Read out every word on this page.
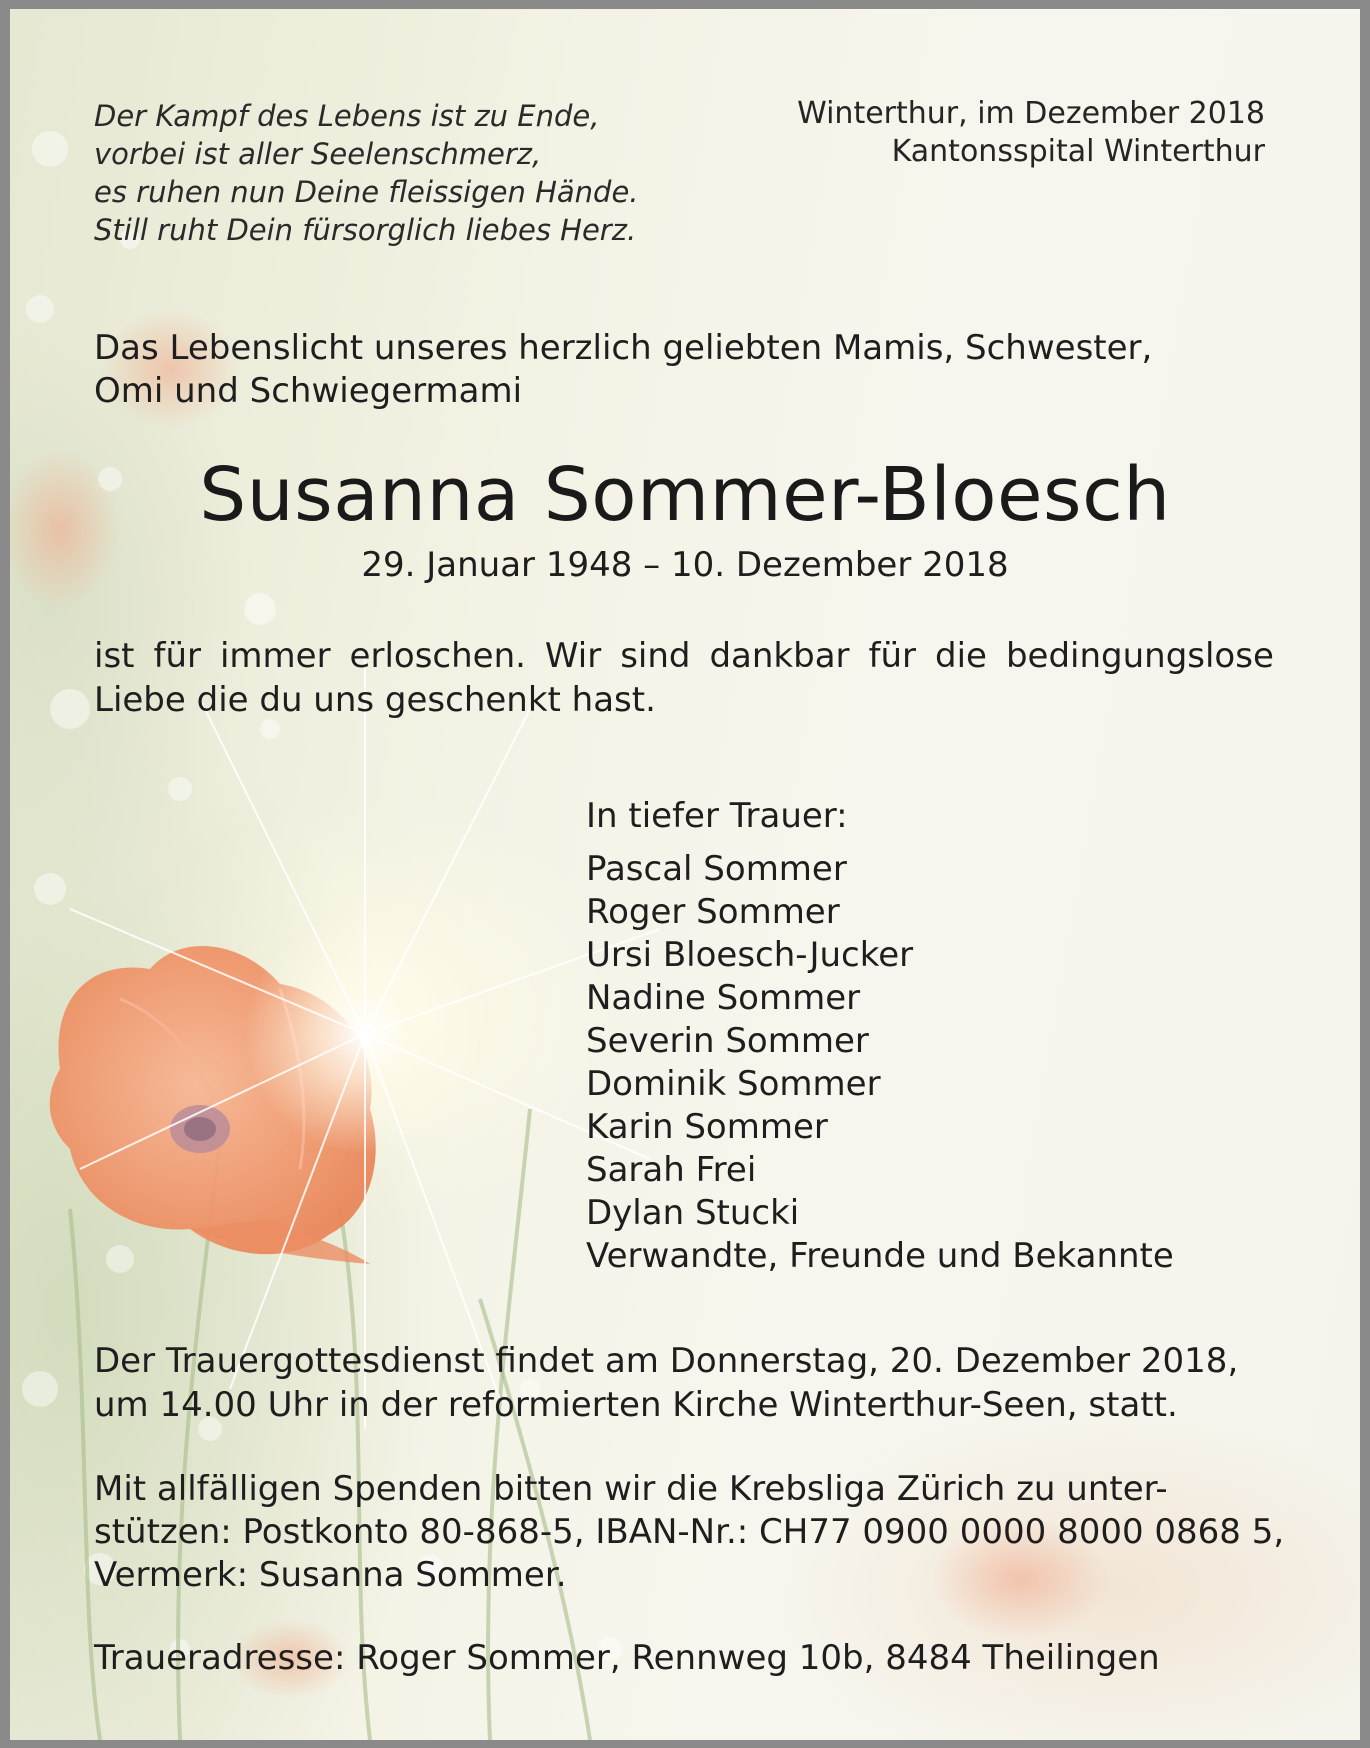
Der Kampf des Lebens ist zu Ende,
vorbei ist aller Seelenschmerz,
es ruhen nun Deine fleissigen Hände.
Still ruht Dein fürsorglich liebes Herz.
Winterthur, im Dezember 2018
Kantonsspital Winterthur
Das Lebenslicht unseres herzlich geliebten Mamis, Schwester,
Omi und Schwiegermami
Susanna Sommer-Bloesch
29. Januar 1948 – 10. Dezember 2018
ist für immer erloschen. Wir sind dankbar für die bedingungslose
Liebe die du uns geschenkt hast.
In tiefer Trauer:
Pascal Sommer
Roger Sommer
Ursi Bloesch-Jucker
Nadine Sommer
Severin Sommer
Dominik Sommer
Karin Sommer
Sarah Frei
Dylan Stucki
Verwandte, Freunde und Bekannte
Der Trauergottesdienst findet am Donnerstag, 20. Dezember 2018,
um 14.00 Uhr in der reformierten Kirche Winterthur-Seen, statt.
Mit allfälligen Spenden bitten wir die Krebsliga Zürich zu unter-
stützen: Postkonto 80-868-5, IBAN-Nr.: CH77 0900 0000 8000 0868 5,
Vermerk: Susanna Sommer.
Traueradresse: Roger Sommer, Rennweg 10b, 8484 Theilingen
